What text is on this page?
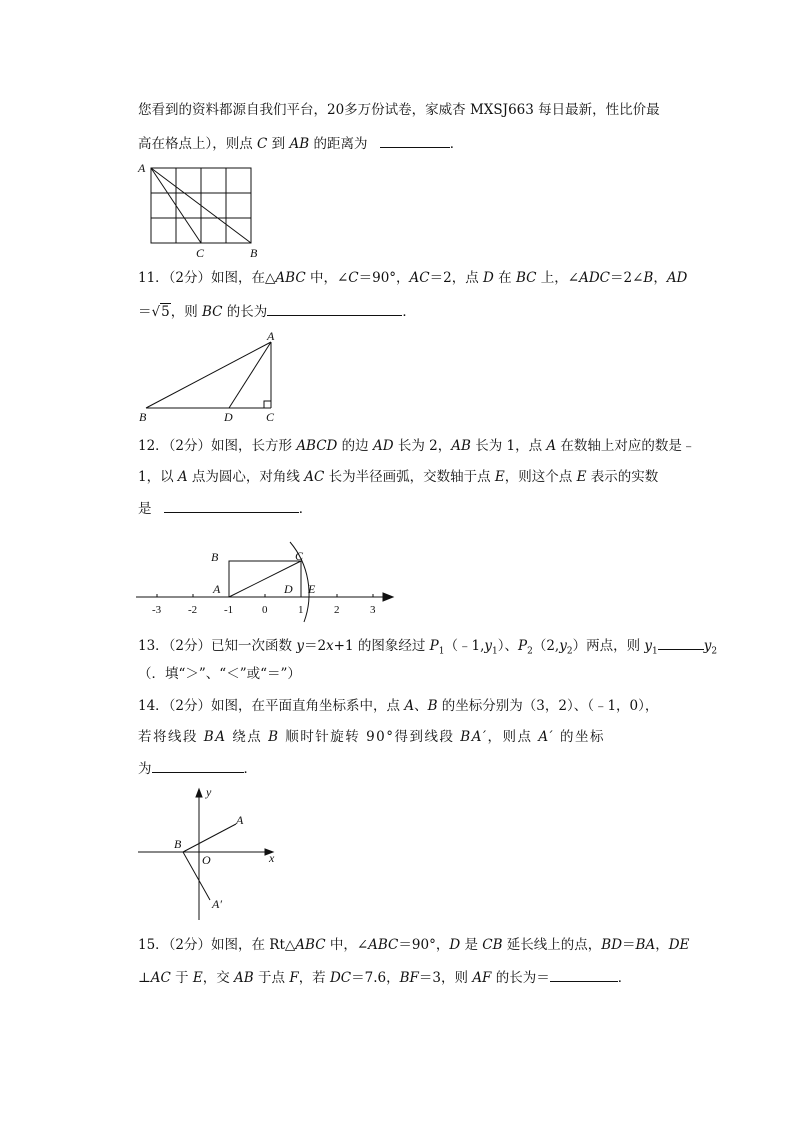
您看到的资料都源自我们平台，20多万份试卷，家威杏 MXSJ663 每日最新，性比价最
高在格点上），则点 C 到 AB 的距离为	．
A
C	B
11．（2分）如图，在△ABC 中，∠C＝90°，AC＝2，点 D 在 BC 上，∠ADC＝2∠B，AD
＝√5，则 BC 的长为	．
A
B	D	C
12．（2分）如图，长方形 ABCD 的边 AD 长为 2，AB 长为 1，点 A 在数轴上对应的数是﹣
1，以 A 点为圆心，对角线 AC 长为半径画弧，交数轴于点 E，则这个点 E 表示的实数
是	．
B
A
C
D E
-3 -2 -1	0	1	2	3
13．（2分）已知一次函数 y＝2x+1 的图象经过 $P_1(﹣1,y_1)$、$P_2(2,y_2)$两点，则 $y_1$	$y_2$
（．填“＞”、“＜”或“＝”）
14．（2分）如图，在平面直角坐标系中，点 A、B 的坐标分别为（3，2）、（﹣1，0），
若将线段 BA 绕点 B 顺时针旋转 90°得到线段 BA′，则点 A′ 的坐标
为	．
y
x
A
B
O
A′
15．（2分）如图，在 Rt△ABC 中，∠ABC＝90°，D 是 CB 延长线上的点，BD＝BA，DE
⊥AC 于 E，交 AB 于点 F，若 DC＝7.6，BF＝3，则 AF 的长为＝	．
